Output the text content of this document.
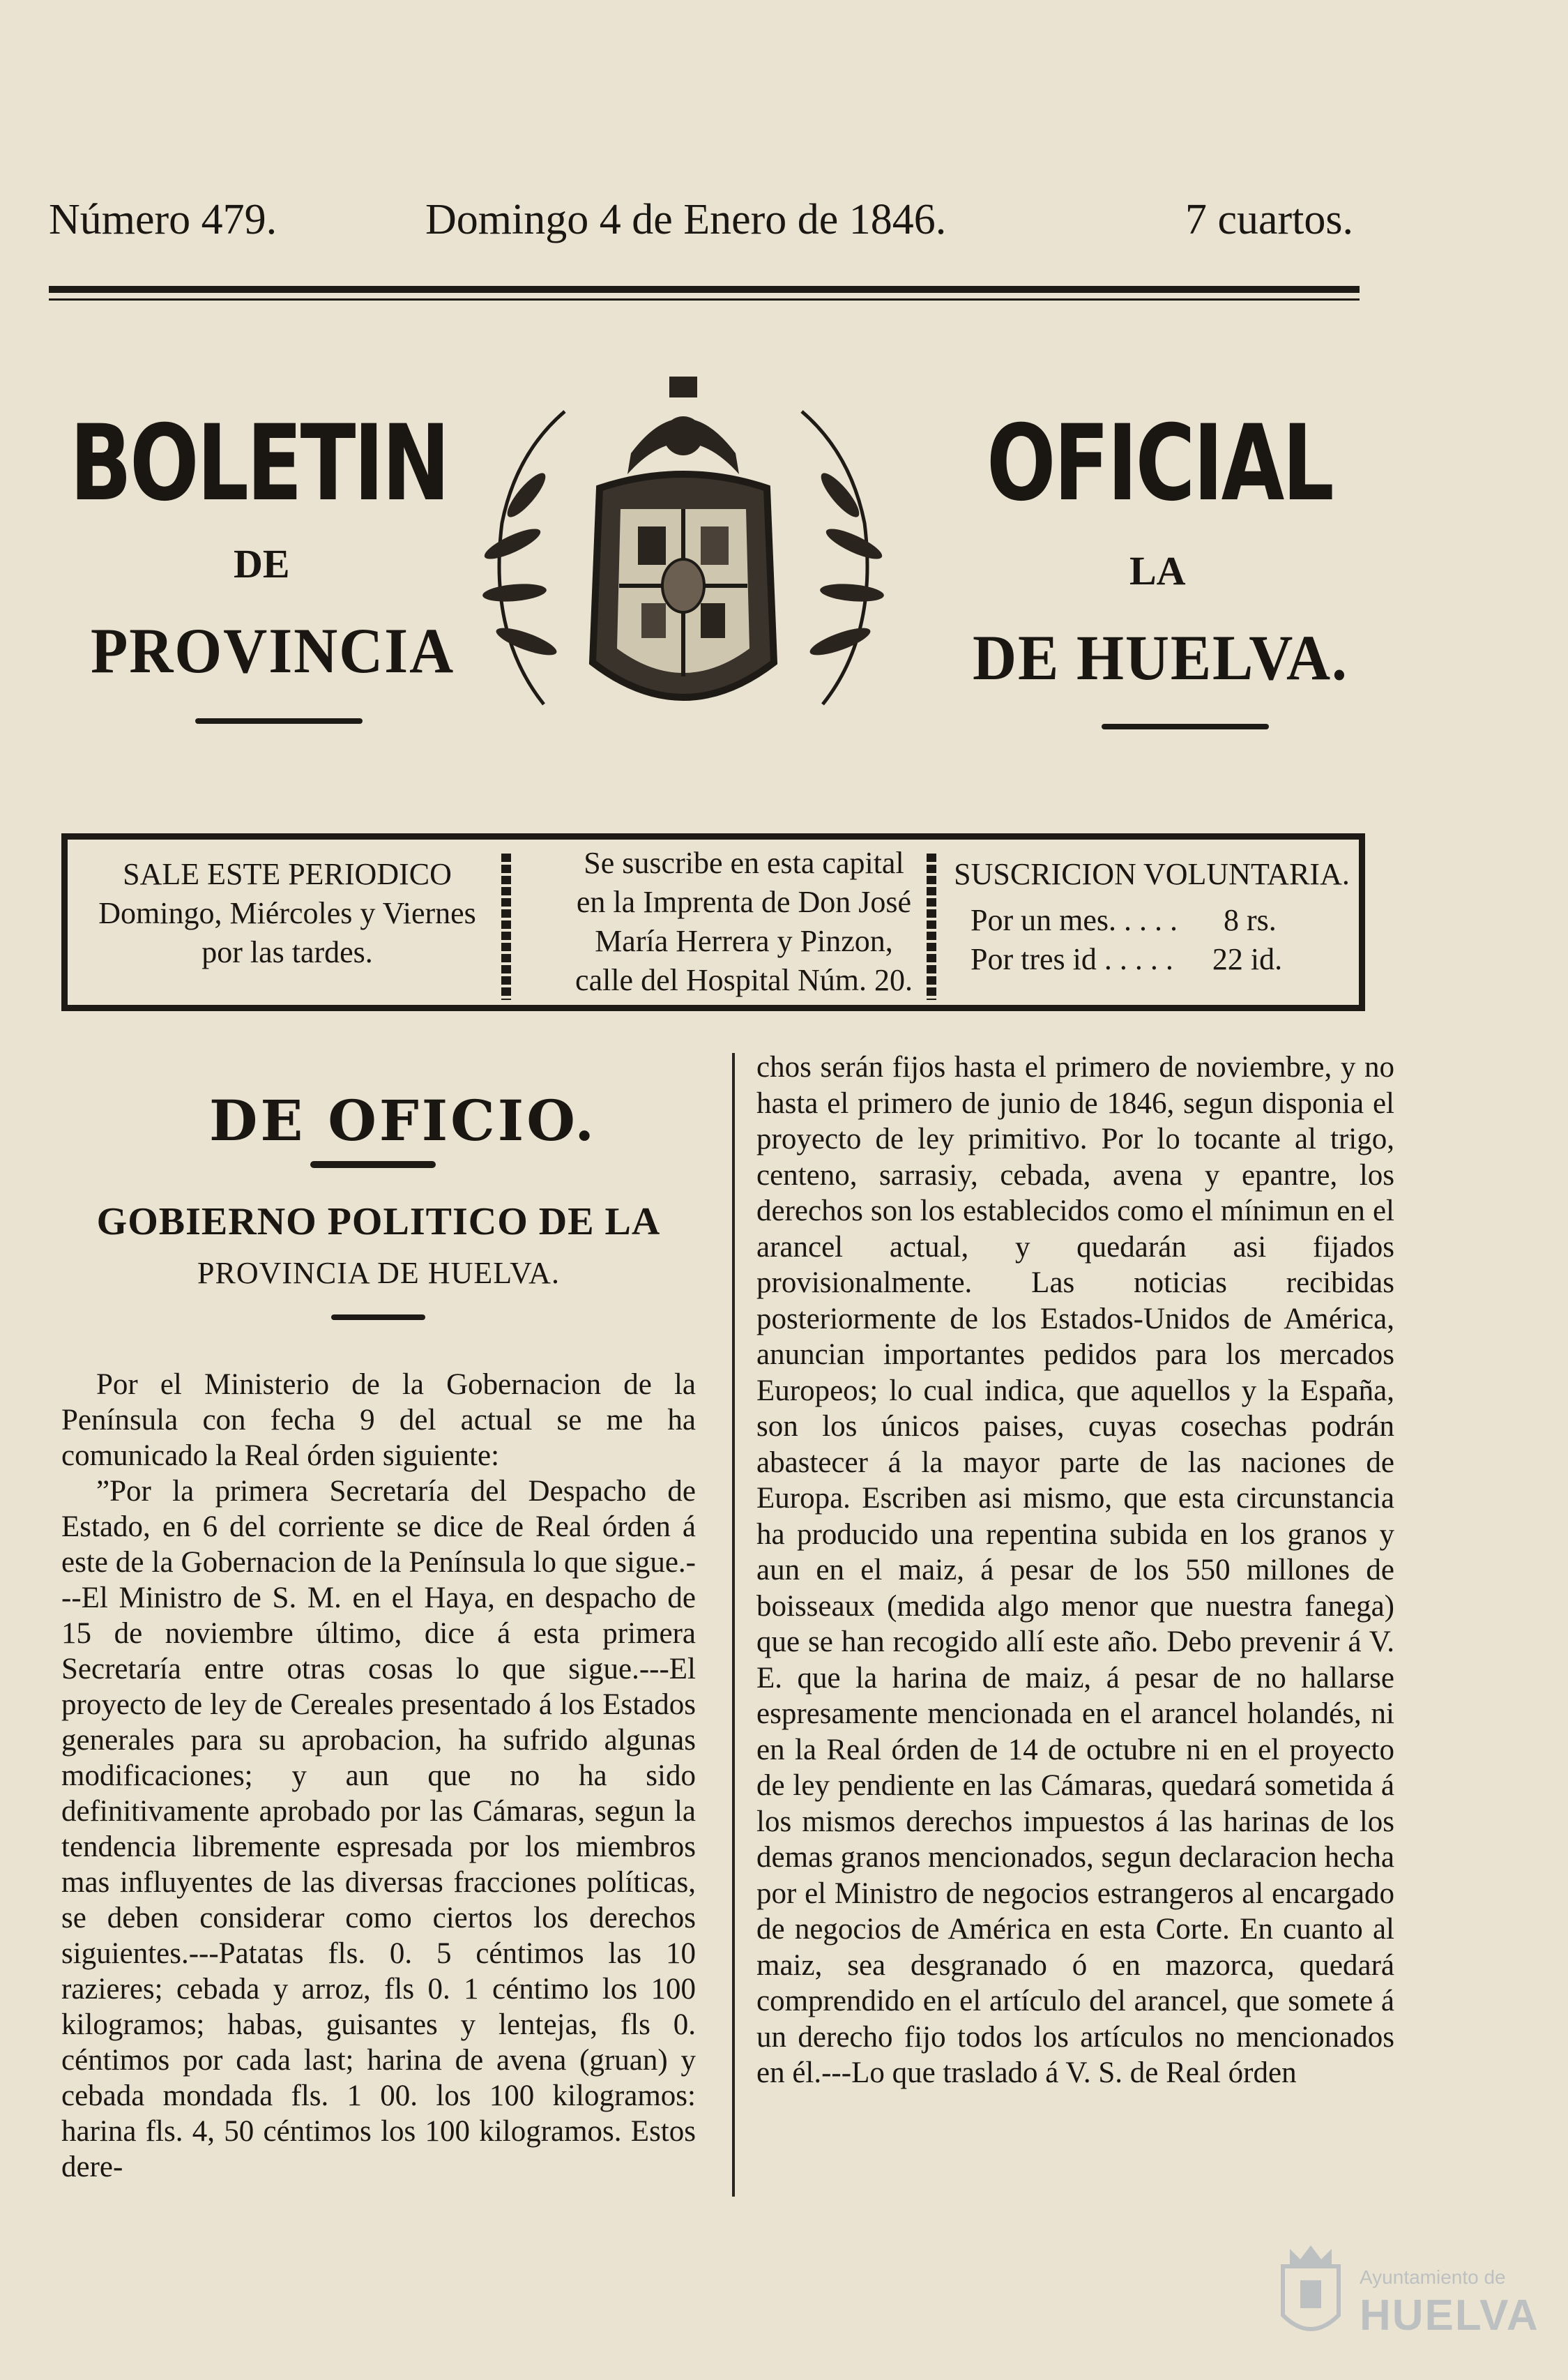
Número 479.	Domingo 4 de Enero de 1846.	7 cuartos.
BOLETIN	OFICIAL
DE	LA
PROVINCIA	DE HUELVA.
SALE ESTE PERIODICO
Domingo, Miércoles y Viernes
por las tardes.
Se suscribe en esta capital
en la Imprenta de Don José
María Herrera y Pinzon,
calle del Hospital Núm. 20.
SUSCRICION VOLUNTARIA.
Por un mes. . . . . 8 rs.
Por tres id . . . . . 22 id.
DE OFICIO.
GOBIERNO POLITICO DE LA
PROVINCIA DE HUELVA.

Por el Ministerio de la Gobernacion de la Península con fecha 9 del actual se me ha comunicado la Real órden siguiente:

”Por la primera Secretaría del Despacho de Estado, en 6 del corriente se dice de Real órden á este de la Gobernacion de la Península lo que sigue.---El Ministro de S. M. en el Haya, en despacho de 15 de noviembre último, dice á esta primera Secretaría entre otras cosas lo que sigue.---El proyecto de ley de Cereales presentado á los Estados generales para su aprobacion, ha sufrido algunas modificaciones; y aun que no ha sido definitivamente aprobado por las Cámaras, segun la tendencia libremente espresada por los miembros mas influyentes de las diversas fracciones políticas, se deben considerar como ciertos los derechos siguientes.---Patatas fls. 0. 5 céntimos las 10 razieres; cebada y arroz, fls 0. 1 céntimo los 100 kilogramos; habas, guisantes y lentejas, fls 0. céntimos por cada last; harina de avena (gruan) y cebada mondada fls. 1 00. los 100 kilogramos: harina fls. 4, 50 céntimos los 100 kilogramos. Estos dere-

chos serán fijos hasta el primero de noviembre, y no hasta el primero de junio de 1846, segun disponia el proyecto de ley primitivo. Por lo tocante al trigo, centeno, sarrasiy, cebada, avena y epantre, los derechos son los establecidos como el mínimun en el arancel actual, y quedarán asi fijados provisionalmente. Las noticias recibidas posteriormente de los Estados-Unidos de América, anuncian importantes pedidos para los mercados Europeos; lo cual indica, que aquellos y la España, son los únicos paises, cuyas cosechas podrán abastecer á la mayor parte de las naciones de Europa. Escriben asi mismo, que esta circunstancia ha producido una repentina subida en los granos y aun en el maiz, á pesar de los 550 millones de boisseaux (medida algo menor que nuestra fanega) que se han recogido allí este año. Debo prevenir á V. E. que la harina de maiz, á pesar de no hallarse espresamente mencionada en el arancel holandés, ni en la Real órden de 14 de octubre ni en el proyecto de ley pendiente en las Cámaras, quedará sometida á los mismos derechos impuestos á las harinas de los demas granos mencionados, segun declaracion hecha por el Ministro de negocios estrangeros al encargado de negocios de América en esta Corte. En cuanto al maiz, sea desgranado ó en mazorca, quedará comprendido en el artículo del arancel, que somete á un derecho fijo todos los artículos no mencionados en él.---Lo que traslado á V. S. de Real órden

Ayuntamiento de
HUELVA
